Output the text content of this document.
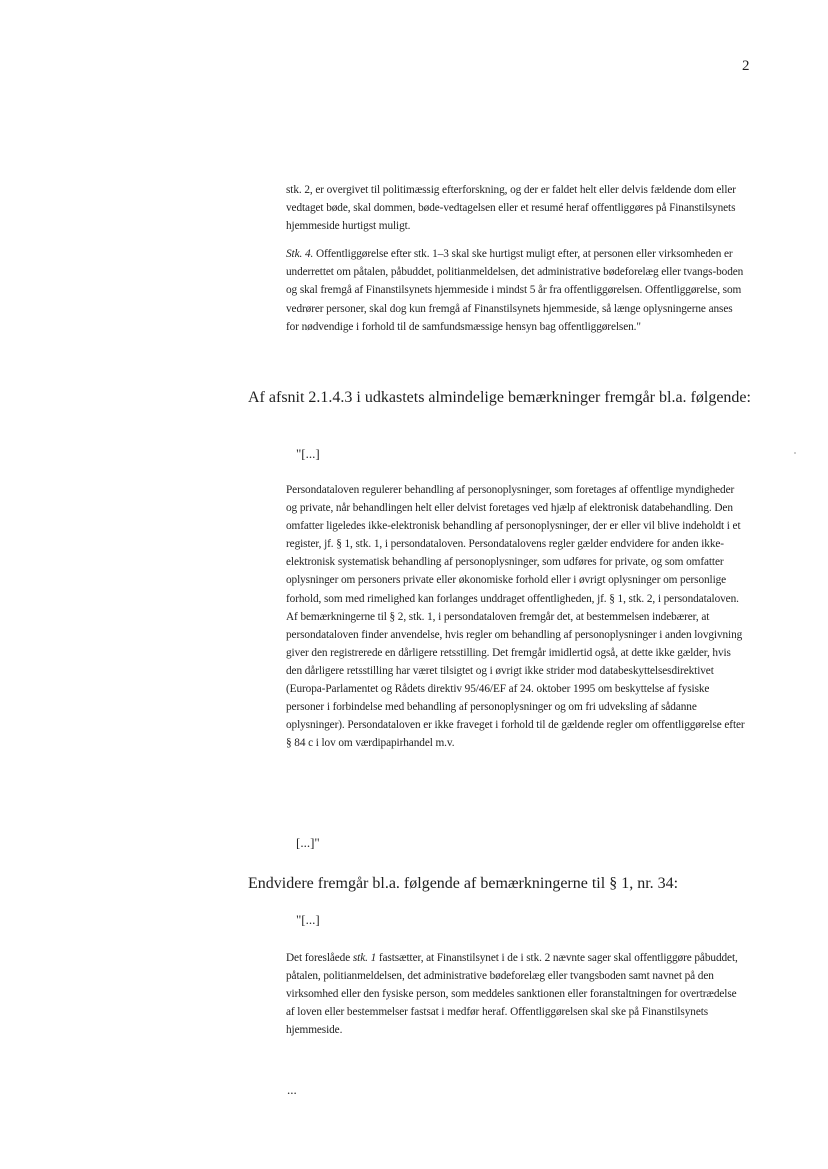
2

stk. 2, er overgivet til politimæssig efterforskning, og der er faldet helt eller delvis fældende dom eller vedtaget bøde, skal dommen, bøde-vedtagelsen eller et resumé heraf offentliggøres på Finanstilsynets hjemmeside hurtigst muligt.

Stk. 4. Offentliggørelse efter stk. 1–3 skal ske hurtigst muligt efter, at personen eller virksomheden er underrettet om påtalen, påbuddet, politianmeldelsen, det administrative bødeforelæg eller tvangs-boden og skal fremgå af Finanstilsynets hjemmeside i mindst 5 år fra offentliggørelsen. Offentliggørelse, som vedrører personer, skal dog kun fremgå af Finanstilsynets hjemmeside, så længe oplysningerne anses for nødvendige i forhold til de samfundsmæssige hensyn bag offentliggørelsen."

Af afsnit 2.1.4.3 i udkastets almindelige bemærkninger fremgår bl.a. følgende:
"[...]

Persondataloven regulerer behandling af personoplysninger, som foretages af offentlige myndigheder og private, når behandlingen helt eller delvist foretages ved hjælp af elektronisk databehandling. Den omfatter ligeledes ikke-elektronisk behandling af personoplysninger, der er eller vil blive indeholdt i et register, jf. § 1, stk. 1, i persondataloven. Persondatalovens regler gælder endvidere for anden ikke-elektronisk systematisk behandling af personoplysninger, som udføres for private, og som omfatter oplysninger om personers private eller økonomiske forhold eller i øvrigt oplysninger om personlige forhold, som med rimelighed kan forlanges unddraget offentligheden, jf. § 1, stk. 2, i persondataloven. Af bemærkningerne til § 2, stk. 1, i persondataloven fremgår det, at bestemmelsen indebærer, at persondataloven finder anvendelse, hvis regler om behandling af personoplysninger i anden lovgivning giver den registrerede en dårligere retsstilling. Det fremgår imidlertid også, at dette ikke gælder, hvis den dårligere retsstilling har været tilsigtet og i øvrigt ikke strider mod databeskyttelsesdirektivet (Europa-Parlamentet og Rådets direktiv 95/46/EF af 24. oktober 1995 om beskyttelse af fysiske personer i forbindelse med behandling af personoplysninger og om fri udveksling af sådanne oplysninger). Persondataloven er ikke fraveget i forhold til de gældende regler om offentliggørelse efter § 84 c i lov om værdipapirhandel m.v.

[...]"
Endvidere fremgår bl.a. følgende af bemærkningerne til § 1, nr. 34:
"[...]

Det foreslåede stk. 1 fastsætter, at Finanstilsynet i de i stk. 2 nævnte sager skal offentliggøre påbuddet, påtalen, politianmeldelsen, det administrative bødeforelæg eller tvangsboden samt navnet på den virksomhed eller den fysiske person, som meddeles sanktionen eller foranstaltningen for overtrædelse af loven eller bestemmelser fastsat i medfør heraf. Offentliggørelsen skal ske på Finanstilsynets hjemmeside.

...
